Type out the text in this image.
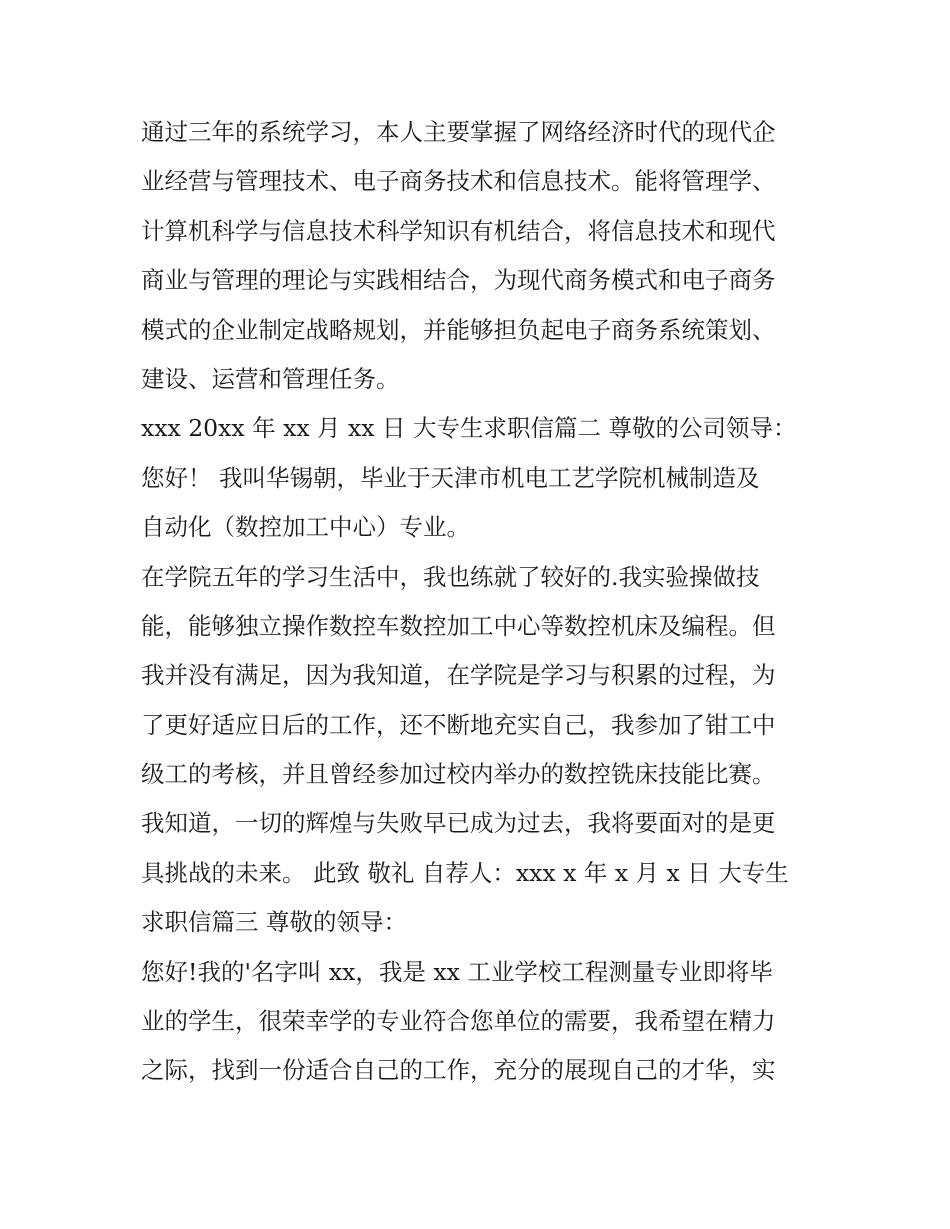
通过三年的系统学习，本人主要掌握了网络经济时代的现代企
业经营与管理技术、电子商务技术和信息技术。能将管理学、
计算机科学与信息技术科学知识有机结合，将信息技术和现代
商业与管理的理论与实践相结合，为现代商务模式和电子商务
模式的企业制定战略规划，并能够担负起电子商务系统策划、
建设、运营和管理任务。
xxx 20xx 年 xx 月 xx 日 大专生求职信篇二 尊敬的公司领导：
您好！ 我叫华锡朝，毕业于天津市机电工艺学院机械制造及
自动化（数控加工中心）专业。
在学院五年的学习生活中，我也练就了较好的.我实验操做技
能，能够独立操作数控车数控加工中心等数控机床及编程。但
我并没有满足，因为我知道，在学院是学习与积累的过程，为
了更好适应日后的工作，还不断地充实自己，我参加了钳工中
级工的考核，并且曾经参加过校内举办的数控铣床技能比赛。
我知道，一切的辉煌与失败早已成为过去，我将要面对的是更
具挑战的未来。 此致 敬礼 自荐人：xxx x 年 x 月 x 日 大专生
求职信篇三 尊敬的领导：
您好!我的'名字叫 xx，我是 xx 工业学校工程测量专业即将毕
业的学生，很荣幸学的专业符合您单位的需要，我希望在精力
之际，找到一份适合自己的工作，充分的展现自己的才华，实
